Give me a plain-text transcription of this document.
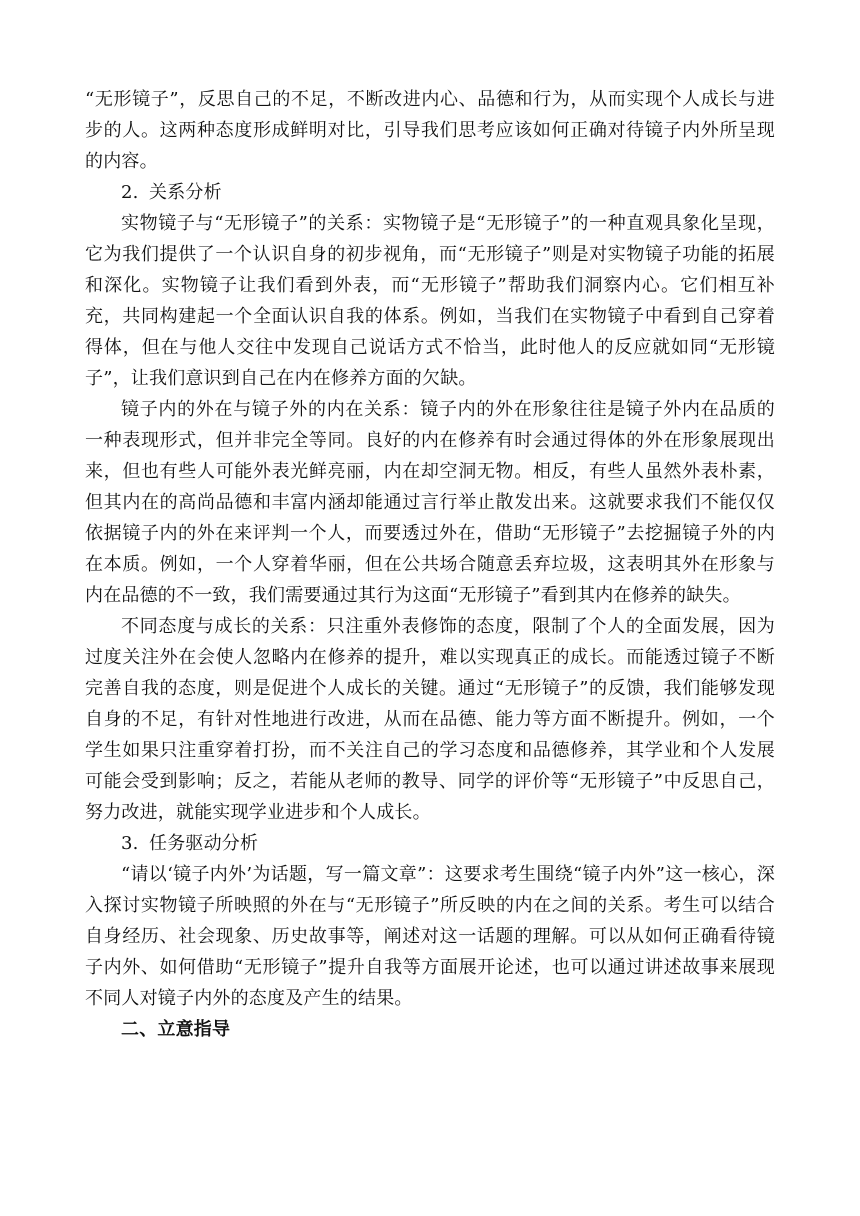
“无形镜子”，反思自己的不足，不断改进内心、品德和行为，从而实现个人成长与进步的人。这两种态度形成鲜明对比，引导我们思考应该如何正确对待镜子内外所呈现的内容。

2. 关系分析

实物镜子与“无形镜子”的关系：实物镜子是“无形镜子”的一种直观具象化呈现，它为我们提供了一个认识自身的初步视角，而“无形镜子”则是对实物镜子功能的拓展和深化。实物镜子让我们看到外表，而“无形镜子”帮助我们洞察内心。它们相互补充，共同构建起一个全面认识自我的体系。例如，当我们在实物镜子中看到自己穿着得体，但在与他人交往中发现自己说话方式不恰当，此时他人的反应就如同“无形镜子”，让我们意识到自己在内在修养方面的欠缺。

镜子内的外在与镜子外的内在关系：镜子内的外在形象往往是镜子外内在品质的一种表现形式，但并非完全等同。良好的内在修养有时会通过得体的外在形象展现出来，但也有些人可能外表光鲜亮丽，内在却空洞无物。相反，有些人虽然外表朴素，但其内在的高尚品德和丰富内涵却能通过言行举止散发出来。这就要求我们不能仅仅依据镜子内的外在来评判一个人，而要透过外在，借助“无形镜子”去挖掘镜子外的内在本质。例如，一个人穿着华丽，但在公共场合随意丢弃垃圾，这表明其外在形象与内在品德的不一致，我们需要通过其行为这面“无形镜子”看到其内在修养的缺失。

不同态度与成长的关系：只注重外表修饰的态度，限制了个人的全面发展，因为过度关注外在会使人忽略内在修养的提升，难以实现真正的成长。而能透过镜子不断完善自我的态度，则是促进个人成长的关键。通过“无形镜子”的反馈，我们能够发现自身的不足，有针对性地进行改进，从而在品德、能力等方面不断提升。例如，一个学生如果只注重穿着打扮，而不关注自己的学习态度和品德修养，其学业和个人发展可能会受到影响；反之，若能从老师的教导、同学的评价等“无形镜子”中反思自己，努力改进，就能实现学业进步和个人成长。

3. 任务驱动分析

“请以‘镜子内外’为话题，写一篇文章”：这要求考生围绕“镜子内外”这一核心，深入探讨实物镜子所映照的外在与“无形镜子”所反映的内在之间的关系。考生可以结合自身经历、社会现象、历史故事等，阐述对这一话题的理解。可以从如何正确看待镜子内外、如何借助“无形镜子”提升自我等方面展开论述，也可以通过讲述故事来展现不同人对镜子内外的态度及产生的结果。

二、立意指导
